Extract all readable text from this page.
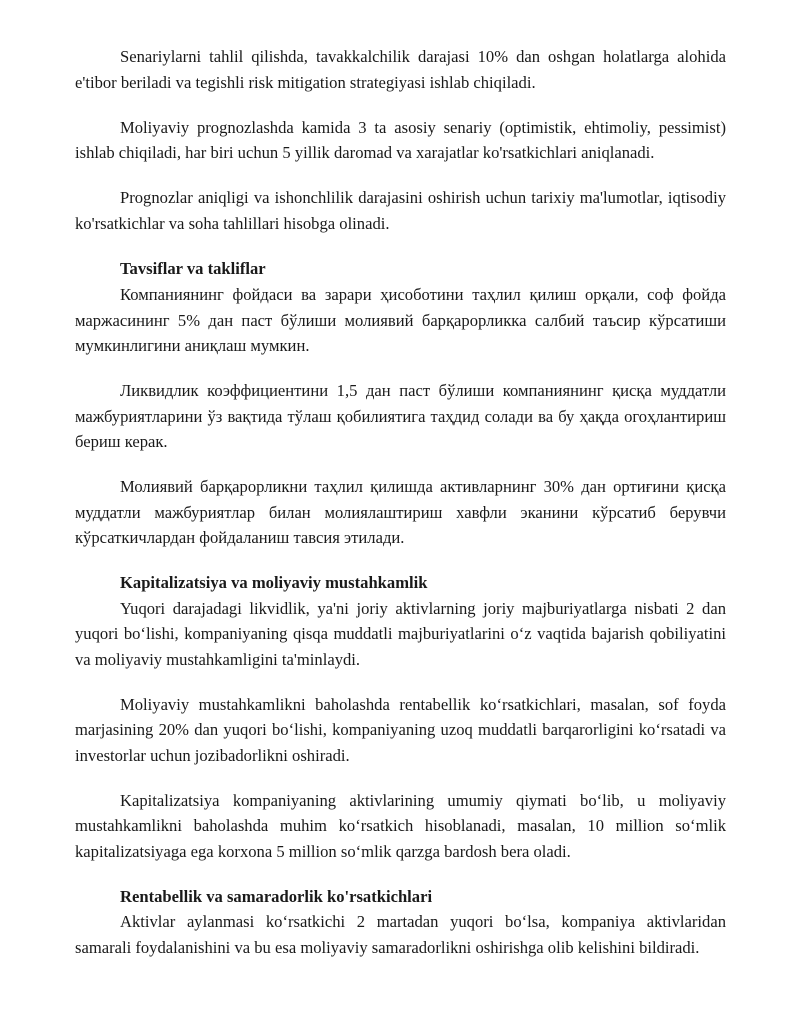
Senariylarni tahlil qilishda, tavakkalchilik darajasi 10% dan oshgan holatlarga alohida e'tibor beriladi va tegishli risk mitigation strategiyasi ishlab chiqiladi.

Moliyaviy prognozlashda kamida 3 ta asosiy senariy (optimistik, ehtimoliy, pessimist) ishlab chiqiladi, har biri uchun 5 yillik daromad va xarajatlar ko'rsatkichlari aniqlanadi.

Prognozlar aniqligi va ishonchlilik darajasini oshirish uchun tarixiy ma'lumotlar, iqtisodiy ko'rsatkichlar va soha tahlillari hisobga olinadi.

Tavsiflar va takliflar

Компаниянинг фойдаси ва зарари ҳисоботини таҳлил қилиш орқали, соф фойда маржасининг 5% дан паст бўлиши молиявий барқарорликка салбий таъсир кўрсатиши мумкинлигини аниқлаш мумкин.

Ликвидлик коэффициентини 1,5 дан паст бўлиши компаниянинг қисқа муддатли мажбуриятларини ўз вақтида тўлаш қобилиятига таҳдид солади ва бу ҳақда огоҳлантириш бериш керак.

Молиявий барқарорликни таҳлил қилишда активларнинг 30% дан ортиғини қисқа муддатли мажбуриятлар билан молиялаштириш хавфли эканини кўрсатиб берувчи кўрсаткичлардан фойдаланиш тавсия этилади.

Kapitalizatsiya va moliyaviy mustahkamlik

Yuqori darajadagi likvidlik, ya'ni joriy aktivlarning joriy majburiyatlarga nisbati 2 dan yuqori boʻlishi, kompaniyaning qisqa muddatli majburiyatlarini oʻz vaqtida bajarish qobiliyatini va moliyaviy mustahkamligini ta'minlaydi.

Moliyaviy mustahkamlikni baholashda rentabellik koʻrsatkichlari, masalan, sof foyda marjasining 20% dan yuqori boʻlishi, kompaniyaning uzoq muddatli barqarorligini koʻrsatadi va investorlar uchun jozibadorlikni oshiradi.

Kapitalizatsiya kompaniyaning aktivlarining umumiy qiymati boʻlib, u moliyaviy mustahkamlikni baholashda muhim koʻrsatkich hisoblanadi, masalan, 10 million soʻmlik kapitalizatsiyaga ega korxona 5 million soʻmlik qarzga bardosh bera oladi.

Rentabellik va samaradorlik ko'rsatkichlari

Aktivlar aylanmasi koʻrsatkichi 2 martadan yuqori boʻlsa, kompaniya aktivlaridan samarali foydalanishini va bu esa moliyaviy samaradorlikni oshirishga olib kelishini bildiradi.
